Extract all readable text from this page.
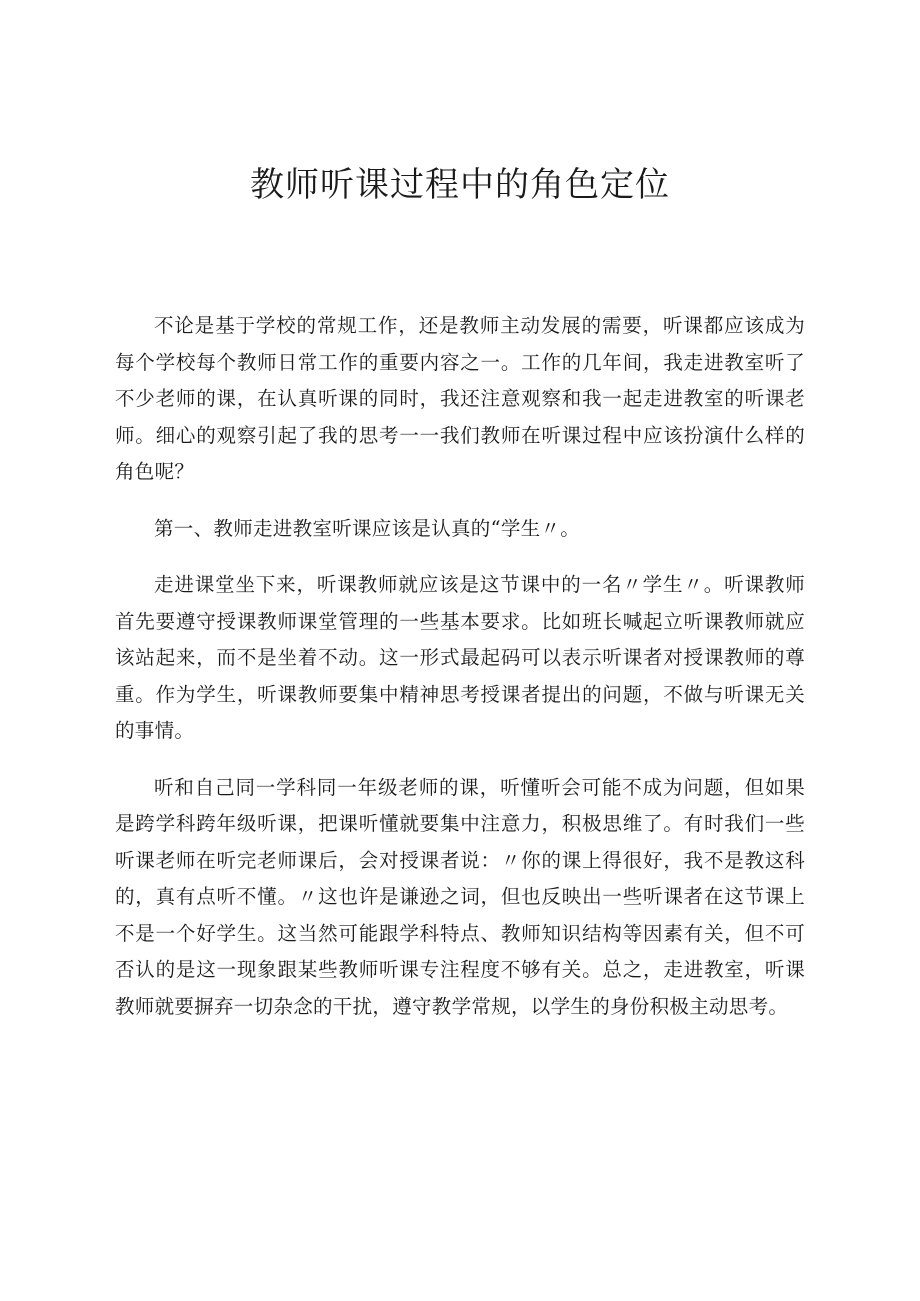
教师听课过程中的角色定位

不论是基于学校的常规工作，还是教师主动发展的需要，听课都应该成为每个学校每个教师日常工作的重要内容之一。工作的几年间，我走进教室听了不少老师的课，在认真听课的同时，我还注意观察和我一起走进教室的听课老师。细心的观察引起了我的思考一一我们教师在听课过程中应该扮演什么样的角色呢？

第一、教师走进教室听课应该是认真的“学生〃。

走进课堂坐下来，听课教师就应该是这节课中的一名〃学生〃。听课教师首先要遵守授课教师课堂管理的一些基本要求。比如班长喊起立听课教师就应该站起来，而不是坐着不动。这一形式最起码可以表示听课者对授课教师的尊重。作为学生，听课教师要集中精神思考授课者提出的问题，不做与听课无关的事情。

听和自己同一学科同一年级老师的课，听懂听会可能不成为问题，但如果是跨学科跨年级听课，把课听懂就要集中注意力，积极思维了。有时我们一些听课老师在听完老师课后，会对授课者说：〃你的课上得很好，我不是教这科的，真有点听不懂。〃这也许是谦逊之词，但也反映出一些听课者在这节课上不是一个好学生。这当然可能跟学科特点、教师知识结构等因素有关，但不可否认的是这一现象跟某些教师听课专注程度不够有关。总之，走进教室，听课教师就要摒弃一切杂念的干扰，遵守教学常规，以学生的身份积极主动思考。
